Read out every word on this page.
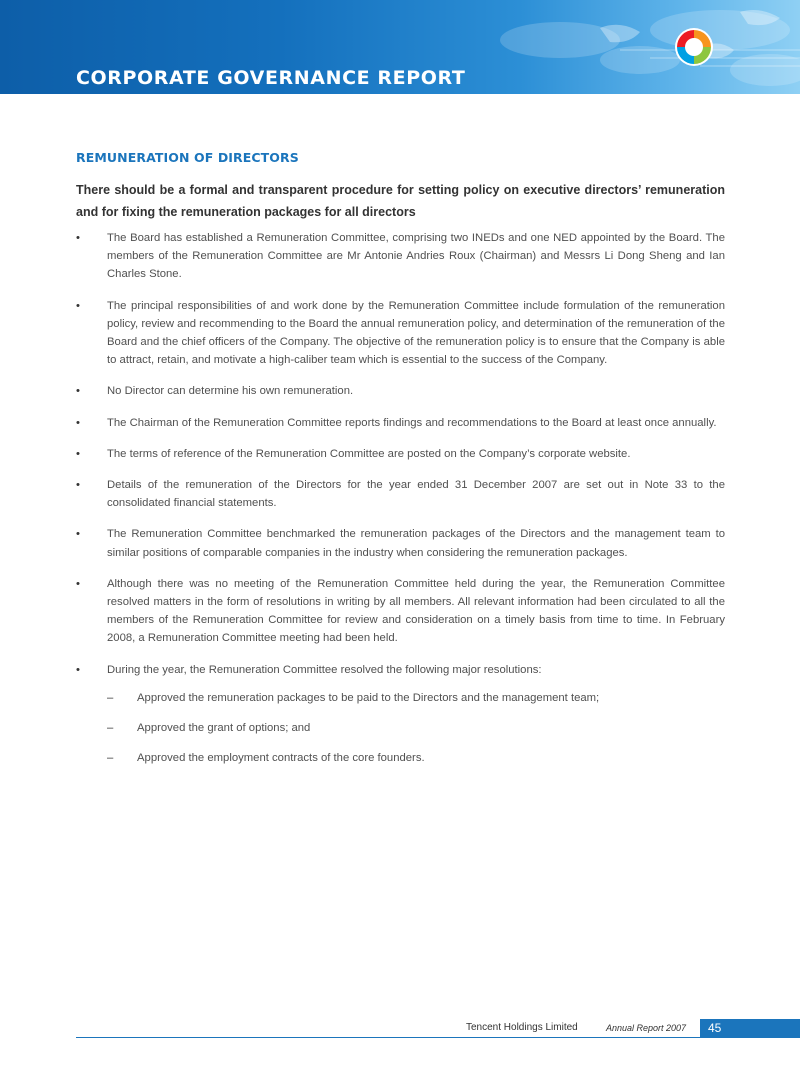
CORPORATE GOVERNANCE REPORT
REMUNERATION OF DIRECTORS
There should be a formal and transparent procedure for setting policy on executive directors’ remuneration and for fixing the remuneration packages for all directors
• The Board has established a Remuneration Committee, comprising two INEDs and one NED appointed by the Board. The members of the Remuneration Committee are Mr Antonie Andries Roux (Chairman) and Messrs Li Dong Sheng and Ian Charles Stone.
• The principal responsibilities of and work done by the Remuneration Committee include formulation of the remuneration policy, review and recommending to the Board the annual remuneration policy, and determination of the remuneration of the Board and the chief officers of the Company. The objective of the remuneration policy is to ensure that the Company is able to attract, retain, and motivate a high-caliber team which is essential to the success of the Company.
• No Director can determine his own remuneration.
• The Chairman of the Remuneration Committee reports findings and recommendations to the Board at least once annually.
• The terms of reference of the Remuneration Committee are posted on the Company’s corporate website.
• Details of the remuneration of the Directors for the year ended 31 December 2007 are set out in Note 33 to the consolidated financial statements.
• The Remuneration Committee benchmarked the remuneration packages of the Directors and the management team to similar positions of comparable companies in the industry when considering the remuneration packages.
• Although there was no meeting of the Remuneration Committee held during the year, the Remuneration Committee resolved matters in the form of resolutions in writing by all members. All relevant information had been circulated to all the members of the Remuneration Committee for review and consideration on a timely basis from time to time. In February 2008, a Remuneration Committee meeting had been held.
• During the year, the Remuneration Committee resolved the following major resolutions:
– Approved the remuneration packages to be paid to the Directors and the management team;
– Approved the grant of options; and
– Approved the employment contracts of the core founders.
Tencent Holdings Limited	Annual Report 2007 45
